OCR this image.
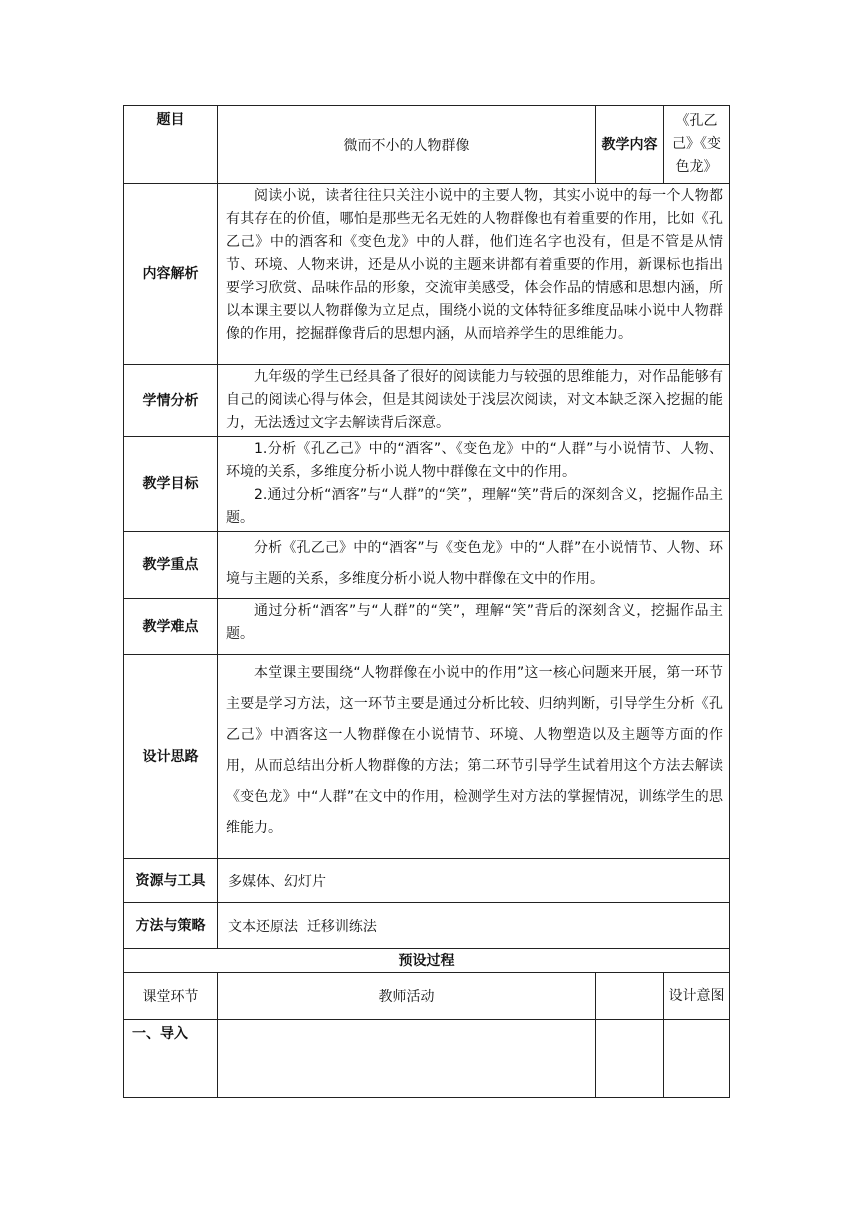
题目	微而不小的人物群像	教学内容	《孔乙己》《变色龙》
内容解析	阅读小说，读者往往只关注小说中的主要人物，其实小说中的每一个人物都有其存在的价值，哪怕是那些无名无姓的人物群像也有着重要的作用，比如《孔乙己》中的酒客和《变色龙》中的人群，他们连名字也没有，但是不管是从情节、环境、人物来讲，还是从小说的主题来讲都有着重要的作用，新课标也指出要学习欣赏、品味作品的形象，交流审美感受，体会作品的情感和思想内涵，所以本课主要以人物群像为立足点，围绕小说的文体特征多维度品味小说中人物群像的作用，挖掘群像背后的思想内涵，从而培养学生的思维能力。		

学情分析	九年级的学生已经具备了很好的阅读能力与较强的思维能力，对作品能够有自己的阅读心得与体会，但是其阅读处于浅层次阅读，对文本缺乏深入挖掘的能力，无法透过文字去解读背后深意。		

教学目标	1.分析《孔乙己》中的“酒客”、《变色龙》中的“人群”与小说情节、人物、环境的关系，多维度分析小说人物中群像在文中的作用。

2.通过分析“酒客”与“人群”的“笑”，理解“笑”背后的深刻含义，挖掘作品主题。		

教学重点	分析《孔乙己》中的“酒客”与《变色龙》中的“人群”在小说情节、人物、环境与主题的关系，多维度分析小说人物中群像在文中的作用。		

教学难点	通过分析“酒客”与“人群”的“笑”，理解“笑”背后的深刻含义，挖掘作品主题。		

设计思路	本堂课主要围绕“人物群像在小说中的作用”这一核心问题来开展，第一环节主要是学习方法，这一环节主要是通过分析比较、归纳判断，引导学生分析《孔乙己》中酒客这一人物群像在小说情节、环境、人物塑造以及主题等方面的作用，从而总结出分析人物群像的方法；第二环节引导学生试着用这个方法去解读《变色龙》中“人群”在文中的作用，检测学生对方法的掌握情况，训练学生的思维能力。		

资源与工具	多媒体、幻灯片		
方法与策略	文本还原法  迁移训练法		
预设过程			
课堂环节	教师活动		设计意图
一、导入			
